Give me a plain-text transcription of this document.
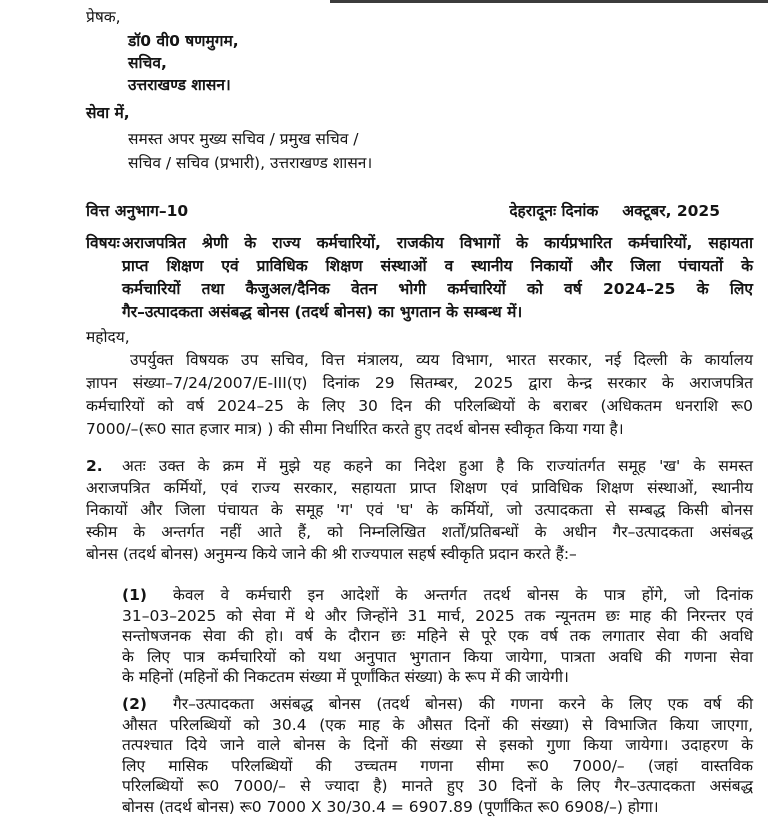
प्रेषक,
डॉ0 वी0 षणमुगम,
सचिव,
उत्तराखण्ड शासन।
सेवा में,
समस्त अपर मुख्य सचिव / प्रमुख सचिव /
सचिव / सचिव (प्रभारी), उत्तराखण्ड शासन।
वित्त अनुभाग–10	देहरादूनः दिनांक अक्टूबर, 2025
विषयः अराजपत्रित श्रेणी के राज्य कर्मचारियों, राजकीय विभागों के कार्यप्रभारित कर्मचारियों, सहायता
प्राप्त शिक्षण एवं प्राविधिक शिक्षण संस्थाओं व स्थानीय निकायों और जिला पंचायतों के
कर्मचारियों तथा कैजुअल/दैनिक वेतन भोगी कर्मचारियों को वर्ष 2024–25 के लिए
गैर–उत्पादकता असंबद्ध बोनस (तदर्थ बोनस) का भुगतान के सम्बन्ध में।
महोदय,
उपर्युक्त विषयक उप सचिव, वित्त मंत्रालय, व्यय विभाग, भारत सरकार, नई दिल्ली के कार्यालय
ज्ञापन संख्या–7/24/2007/E-III(ए) दिनांक 29 सितम्बर, 2025 द्वारा केन्द्र सरकार के अराजपत्रित
कर्मचारियों को वर्ष 2024–25 के लिए 30 दिन की परिलब्धियों के बराबर (अधिकतम धनराशि रू0
7000/–(रू0 सात हजार मात्र) ) की सीमा निर्धारित करते हुए तदर्थ बोनस स्वीकृत किया गया है।
2. अतः उक्त के क्रम में मुझे यह कहने का निदेश हुआ है कि राज्यांतर्गत समूह 'ख' के समस्त
अराजपत्रित कर्मियों, एवं राज्य सरकार, सहायता प्राप्त शिक्षण एवं प्राविधिक शिक्षण संस्थाओं, स्थानीय
निकायों और जिला पंचायत के समूह 'ग' एवं 'घ' के कर्मियों, जो उत्पादकता से सम्बद्ध किसी बोनस
स्कीम के अन्तर्गत नहीं आते हैं, को निम्नलिखित शर्तों/प्रतिबन्धों के अधीन गैर–उत्पादकता असंबद्ध
बोनस (तदर्थ बोनस) अनुमन्य किये जाने की श्री राज्यपाल सहर्ष स्वीकृति प्रदान करते हैं:–
(1) केवल वे कर्मचारी इन आदेशों के अन्तर्गत तदर्थ बोनस के पात्र होंगे, जो दिनांक
31–03–2025 को सेवा में थे और जिन्होंने 31 मार्च, 2025 तक न्यूनतम छः माह की निरन्तर एवं
सन्तोषजनक सेवा की हो। वर्ष के दौरान छः महिने से पूरे एक वर्ष तक लगातार सेवा की अवधि
के लिए पात्र कर्मचारियों को यथा अनुपात भुगतान किया जायेगा, पात्रता अवधि की गणना सेवा
के महिनों (महिनों की निकटतम संख्या में पूर्णांकित संख्या) के रूप में की जायेगी।
(2) गैर–उत्पादकता असंबद्ध बोनस (तदर्थ बोनस) की गणना करने के लिए एक वर्ष की
औसत परिलब्धियों को 30.4 (एक माह के औसत दिनों की संख्या) से विभाजित किया जाएगा,
तत्पश्चात दिये जाने वाले बोनस के दिनों की संख्या से इसको गुणा किया जायेगा। उदाहरण के
लिए मासिक परिलब्धियों की उच्चतम गणना सीमा रू0 7000/– (जहां वास्तविक
परिलब्धियों रू0 7000/– से ज्यादा है) मानते हुए 30 दिनों के लिए गैर–उत्पादकता असंबद्ध
बोनस (तदर्थ बोनस) रू0 7000 X 30/30.4 = 6907.89 (पूर्णांकित रू0 6908/–) होगा।
